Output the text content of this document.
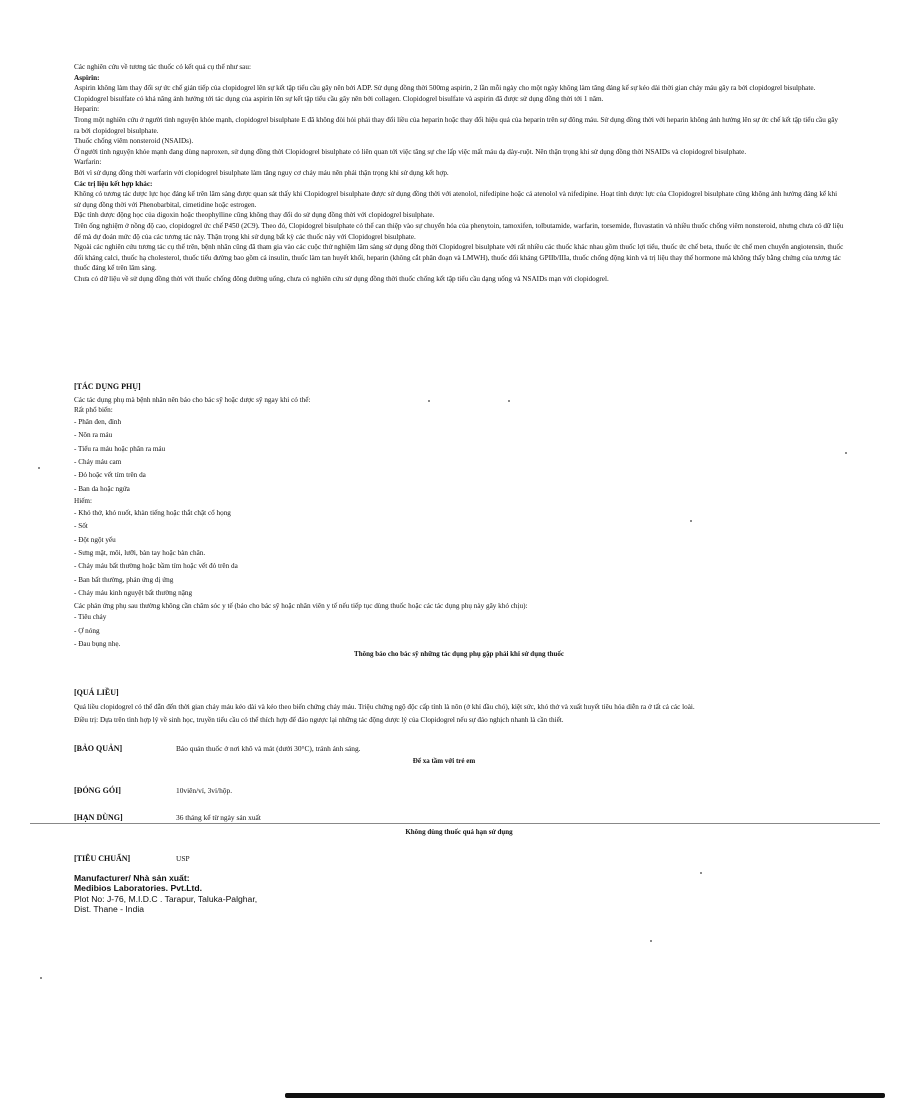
Các nghiên cứu về tương tác thuốc có kết quả cụ thể như sau:

Aspirin:

Aspirin không làm thay đổi sự ức chế gián tiếp của clopidogrel lên sự kết tập tiểu cầu gây nên bởi ADP. Sử dụng đồng thời 500mg aspirin, 2 lần mỗi ngày cho một ngày không làm tăng đáng kể sự kéo dài thời gian chảy máu gây ra bởi clopidogrel bisulphate. Clopidogrel bisulfate có khả năng ảnh hưởng tới tác dụng của aspirin lên sự kết tập tiểu cầu gây nên bởi collagen. Clopidogrel bisulfate và aspirin đã được sử dụng đồng thời tới 1 năm.

Heparin:

Trong một nghiên cứu ở người tình nguyện khỏe mạnh, clopidogrel bisulphate E đã không đòi hỏi phải thay đổi liều của heparin hoặc thay đổi hiệu quả của heparin trên sự đông máu. Sử dụng đồng thời với heparin không ảnh hưởng lên sự ức chế kết tập tiểu cầu gây ra bởi clopidogrel bisulphate.

Thuốc chống viêm nonsteroid (NSAIDs).

Ở người tình nguyện khỏe mạnh đang dùng naproxen, sử dụng đồng thời Clopidogrel bisulphate có liên quan tới việc tăng sự che lấp việc mất máu dạ dày-ruột. Nên thận trọng khi sử dụng đồng thời NSAIDs và clopidogrel bisulphate.

Warfarin:

Bởi vì sử dụng đồng thời warfarin với clopidogrel bisulphate làm tăng nguy cơ chảy máu nên phải thận trọng khi sử dụng kết hợp.

Các trị liệu kết hợp khác:

Không có tương tác dược lực học đáng kể trên lâm sàng được quan sát thấy khi Clopidogrel bisulphate được sử dụng đồng thời với atenolol, nifedipine hoặc cả atenolol và nifedipine. Hoạt tính dược lực của Clopidogrel bisulphate cũng không ảnh hưởng đáng kể khi sử dụng đồng thời với Phenobarbital, cimetidine hoặc estrogen.

Đặc tính dược động học của digoxin hoặc theophylline cũng không thay đổi do sử dụng đồng thời với clopidogrel bisulphate.

Trên ống nghiệm ở nồng độ cao, clopidogrel ức chế P450 (2C9). Theo đó, Clopidogrel bisulphate có thể can thiệp vào sự chuyển hóa của phenytoin, tamoxifen, tolbutamide, warfarin, torsemide, fluvastatin và nhiều thuốc chống viêm nonsteroid, nhưng chưa có dữ liệu để mà dự đoán mức độ của các tương tác này. Thận trọng khi sử dụng bất kỳ các thuốc này với Clopidogrel bisulphate.

Ngoài các nghiên cứu tương tác cụ thể trên, bệnh nhân cũng đã tham gia vào các cuộc thử nghiệm lâm sàng sử dụng đồng thời Clopidogrel bisulphate với rất nhiều các thuốc khác nhau gồm thuốc lợi tiểu, thuốc ức chế beta, thuốc ức chế men chuyển angiotensin, thuốc đối kháng calci, thuốc hạ cholesterol, thuốc tiểu đường bao gồm cả insulin, thuốc làm tan huyết khối, heparin (không cắt phân đoạn và LMWH), thuốc đối kháng GPIIb/IIIa, thuốc chống động kinh và trị liệu thay thế hormone mà không thấy bằng chứng của tương tác thuốc đáng kể trên lâm sàng.

Chưa có dữ liệu về sử dụng đồng thời với thuốc chống đông đường uống, chưa có nghiên cứu sử dụng đồng thời thuốc chống kết tập tiểu cầu dạng uống và NSAIDs mạn với clopidogrel.

[TÁC DỤNG PHỤ]

Các tác dụng phụ mà bệnh nhân nên báo cho bác sỹ hoặc dược sỹ ngay khi có thể:

Rất phổ biến:

- Phân đen, đỉnh

- Nôn ra máu

- Tiểu ra máu hoặc phân ra máu

- Chảy máu cam

- Đỏ hoặc vết tím trên da

- Ban da hoặc ngứa

Hiếm:

- Khó thở, khó nuốt, khàn tiếng hoặc thắt chặt cổ họng

- Sốt

- Đột ngột yếu

- Sưng mặt, môi, lưỡi, bàn tay hoặc bàn chân.

- Chảy máu bất thường hoặc bầm tím hoặc vết đỏ trên da

- Ban bất thường, phản ứng dị ứng

- Chảy máu kinh nguyệt bất thường nặng

Các phản ứng phụ sau thường không cần chăm sóc y tế (báo cho bác sỹ hoặc nhân viên y tế nếu tiếp tục dùng thuốc hoặc các tác dụng phụ này gây khó chịu):

- Tiêu chảy

- Ợ nóng

- Đau bụng nhẹ.

Thông báo cho bác sỹ những tác dụng phụ gặp phải khi sử dụng thuốc

[QUÁ LIỀU]

Quá liều clopidogrel có thể dẫn đến thời gian chảy máu kéo dài và kéo theo biến chứng chảy máu. Triệu chứng ngộ độc cấp tính là nôn (ở khỉ đầu chó), kiệt sức, khó thở và xuất huyết tiêu hóa diễn ra ở tất cả các loài.

Điều trị: Dựa trên tình hợp lý về sinh học, truyền tiểu cầu có thể thích hợp để đảo ngược lại những tác động dược lý của Clopidogrel nếu sự đảo nghịch nhanh là cần thiết.

[BẢO QUẢN]	Bảo quản thuốc ở nơi khô và mát (dưới 30°C), tránh ánh sáng.
Để xa tầm với trẻ em
[ĐÓNG GÓI]	10viên/vỉ, 3vỉ/hộp.
[HẠN DÙNG]	36 tháng kể từ ngày sản xuất
Không dùng thuốc quá hạn sử dụng
[TIÊU CHUẨN]	USP
Manufacturer/ Nhà sản xuất:
Medibios Laboratories. Pvt.Ltd.
Plot No: J-76, M.I.D.C . Tarapur, Taluka-Palghar,
Dist. Thane - India
